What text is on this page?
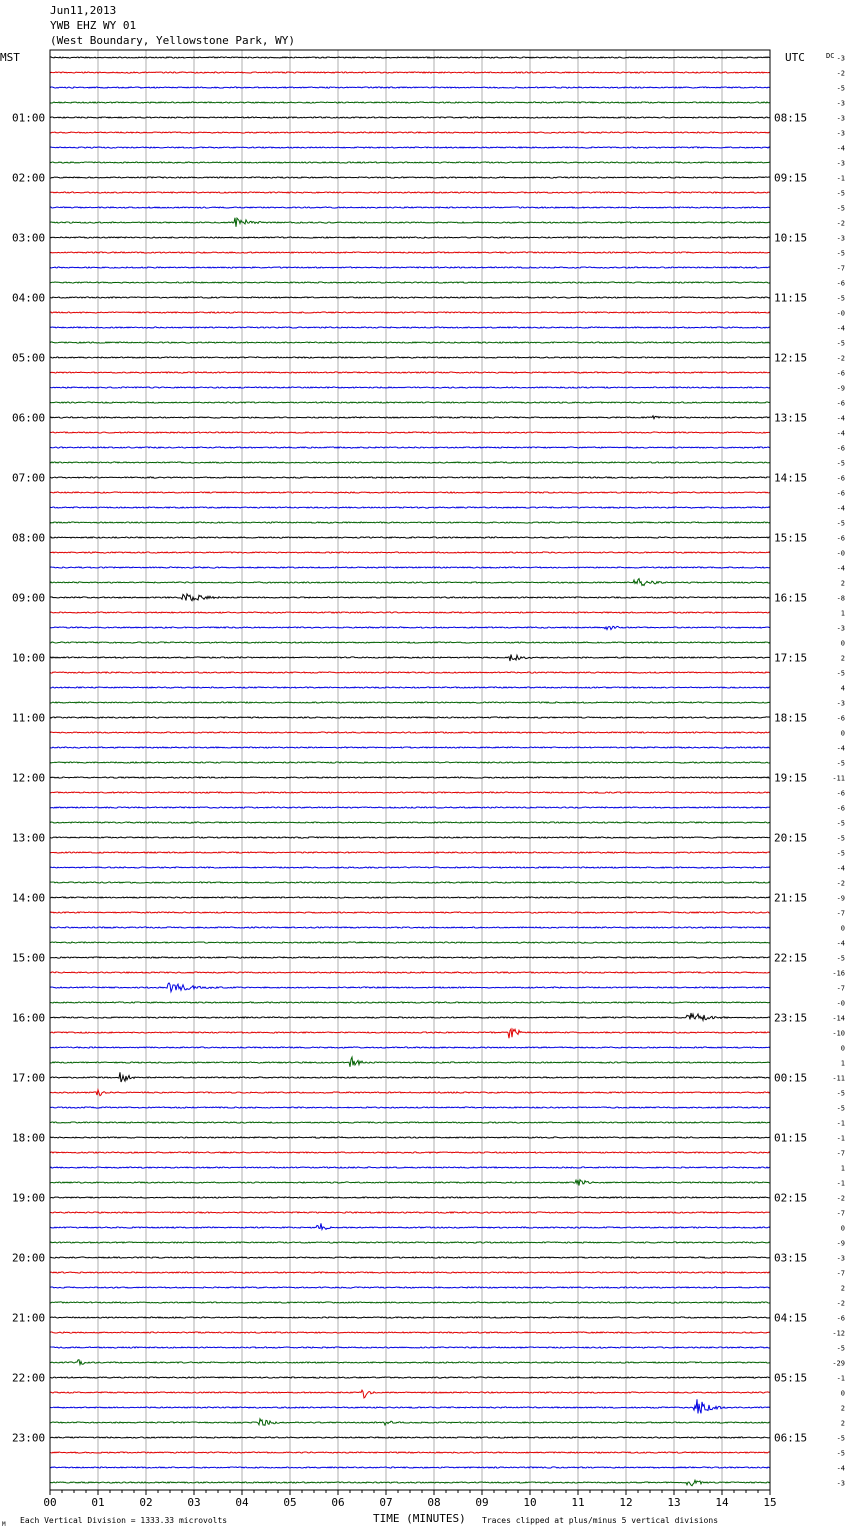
Jun11,2013
YWB EHZ WY 01
(West Boundary, Yellowstone Park, WY)
01:00
02:00
03:00
04:00
05:00
06:00
07:00
08:00
09:00
10:00
11:00
12:00
13:00
14:00
15:00
16:00
17:00
18:00
19:00
20:00
21:00
22:00
23:00
08:15
09:15
10:15
11:15
12:15
13:15
14:15
15:15
16:15
17:15
18:15
19:15
20:15
21:15
22:15
23:15
00:15
01:15
02:15
03:15
04:15
05:15
06:15
-3
-2
-5
-3
-3
-3
-4
-3
-1
-5
-5
-2
-3
-5
-7
-6
-5
-0
-4
-5
-2
-6
-9
-6
-4
-4
-6
-5
-6
-6
-4
-5
-6
-0
-4
2
-8
1
-3
0
2
-5
4
-3
-6
0
-4
-5
-11
-6
-6
-5
-5
-5
-4
-2
-9
-7
0
-4
-5
-16
-7
-0
-14
-10
0
1
-11
-5
-5
-1
-1
-7
1
-1
-2
-7
0
-9
-3
-7
2
-2
-6
-12
-5
-29
-1
0
2
2
-5
-5
-4
-3
00	01	02	03	04	05	06	07	08	09	10	11	12	13	14	15
MST	UTC	DC
TIME (MINUTES)
Each Vertical Division = 1333.33 microvolts	Traces clipped at plus/minus 5 vertical divisions
M
